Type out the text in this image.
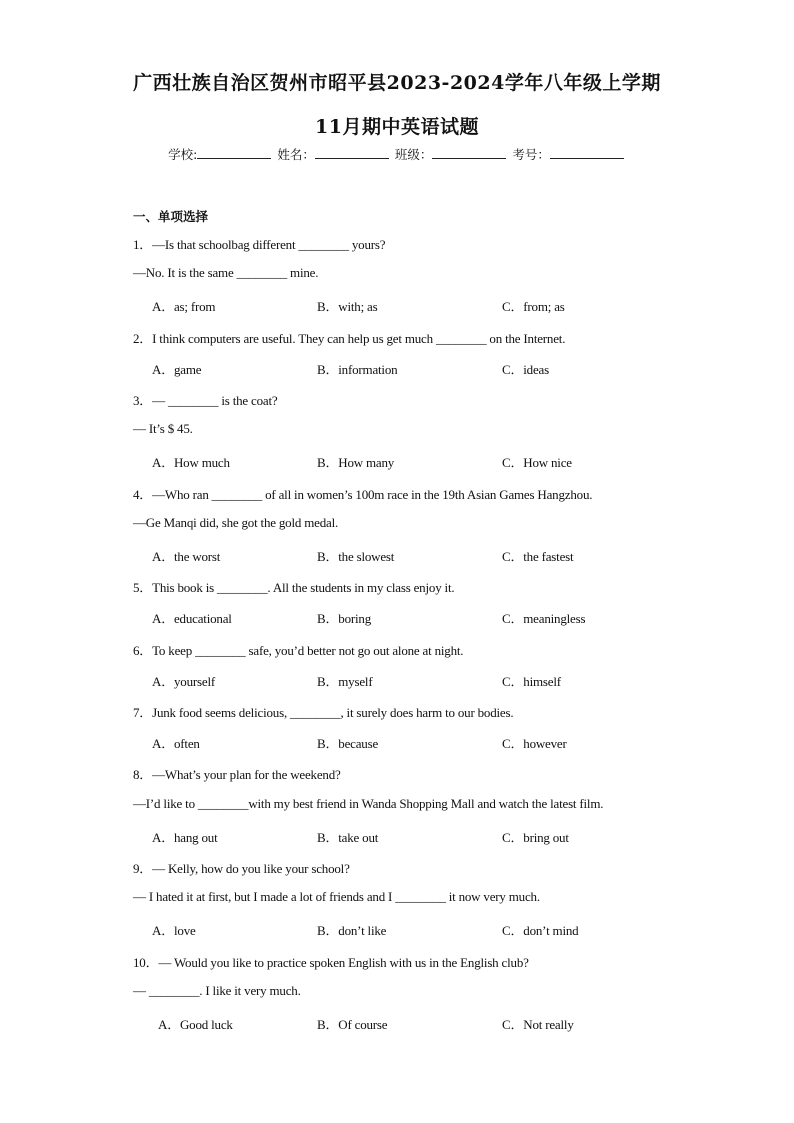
广西壮族自治区贺州市昭平县2023-2024学年八年级上学期
11月期中英语试题
学校:	姓名：	班级：	考号：
一、单项选择
1．—Is that schoolbag different ________ yours?
—No. It is the same ________ mine.
A．as; from	B．with; as	C．from; as
2．I think computers are useful. They can help us get much ________ on the Internet.
A．game	B．information	C．ideas
3．— ________ is the coat?
— It’s $ 45.
A．How much	B．How many	C．How nice
4．—Who ran ________ of all in women’s 100m race in the 19th Asian Games Hangzhou.
—Ge Manqi did, she got the gold medal.
A．the worst	B．the slowest	C．the fastest
5．This book is ________. All the students in my class enjoy it.
A．educational	B．boring	C．meaningless
6．To keep ________ safe, you’d better not go out alone at night.
A．yourself	B．myself	C．himself
7．Junk food seems delicious, ________, it surely does harm to our bodies.
A．often	B．because	C．however
8．—What’s your plan for the weekend?
—I’d like to ________with my best friend in Wanda Shopping Mall and watch the latest film.
A．hang out	B．take out	C．bring out
9．— Kelly, how do you like your school?
— I hated it at first, but I made a lot of friends and I ________ it now very much.
A．love	B．don’t like	C．don’t mind
10．— Would you like to practice spoken English with us in the English club?
— ________. I like it very much.
A．Good luck	B．Of course	C．Not really
